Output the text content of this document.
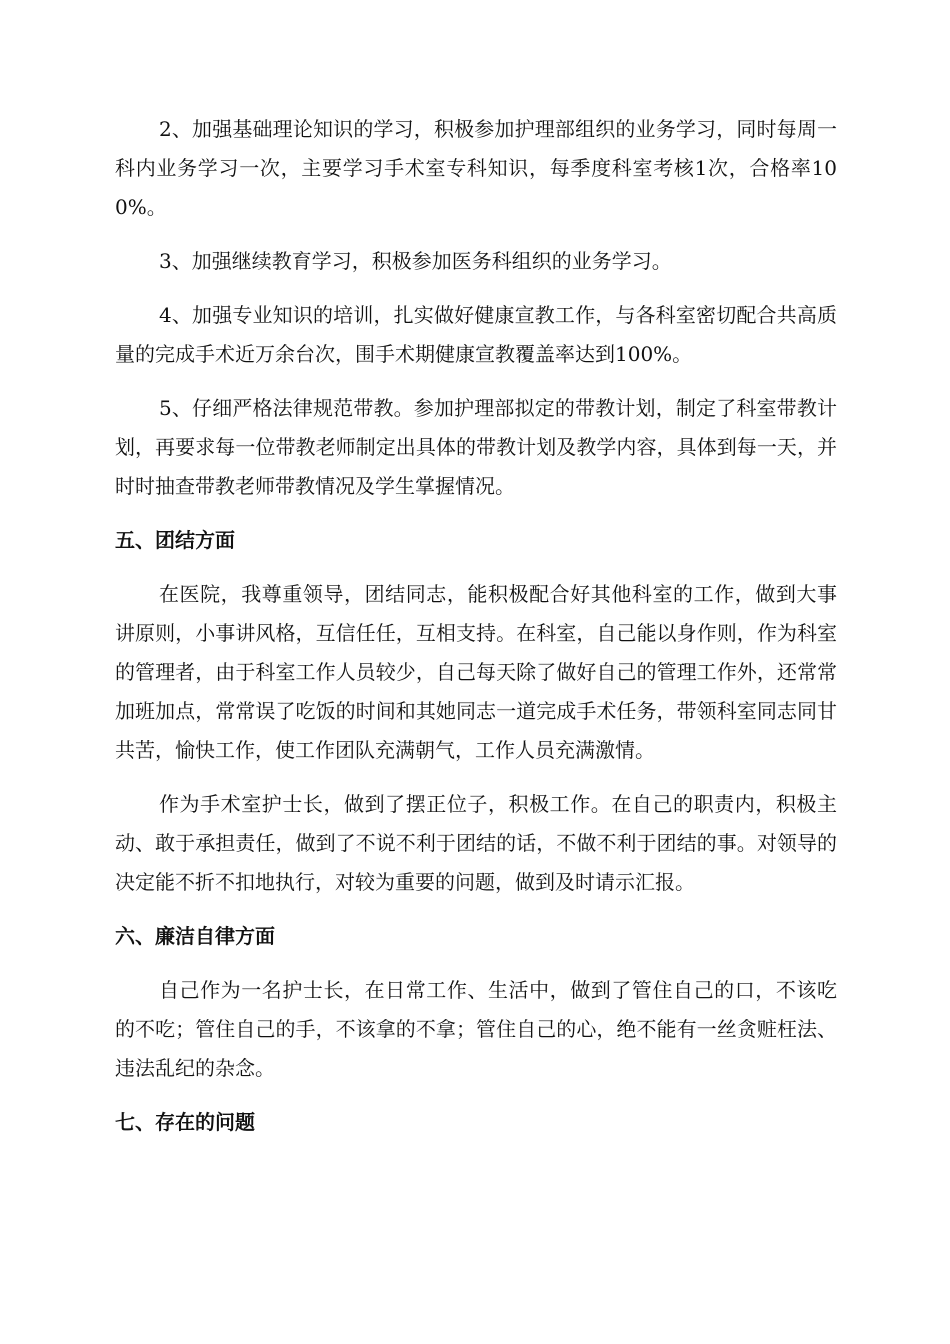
2、加强基础理论知识的学习，积极参加护理部组织的业务学习，同时每周一科内业务学习一次，主要学习手术室专科知识，每季度科室考核1次，合格率100%。

3、加强继续教育学习，积极参加医务科组织的业务学习。

4、加强专业知识的培训，扎实做好健康宣教工作，与各科室密切配合共高质量的完成手术近万余台次，围手术期健康宣教覆盖率达到100%。

5、仔细严格法律规范带教。参加护理部拟定的带教计划，制定了科室带教计划，再要求每一位带教老师制定出具体的带教计划及教学内容，具体到每一天，并时时抽查带教老师带教情况及学生掌握情况。

五、团结方面

在医院，我尊重领导，团结同志，能积极配合好其他科室的工作，做到大事讲原则，小事讲风格，互信任任，互相支持。在科室，自己能以身作则，作为科室的管理者，由于科室工作人员较少，自己每天除了做好自己的管理工作外，还常常加班加点，常常误了吃饭的时间和其她同志一道完成手术任务，带领科室同志同甘共苦，愉快工作，使工作团队充满朝气，工作人员充满激情。

作为手术室护士长，做到了摆正位子，积极工作。在自己的职责内，积极主动、敢于承担责任，做到了不说不利于团结的话，不做不利于团结的事。对领导的决定能不折不扣地执行，对较为重要的问题，做到及时请示汇报。

六、廉洁自律方面

自己作为一名护士长，在日常工作、生活中，做到了管住自己的口，不该吃的不吃；管住自己的手，不该拿的不拿；管住自己的心，绝不能有一丝贪赃枉法、违法乱纪的杂念。

七、存在的问题
